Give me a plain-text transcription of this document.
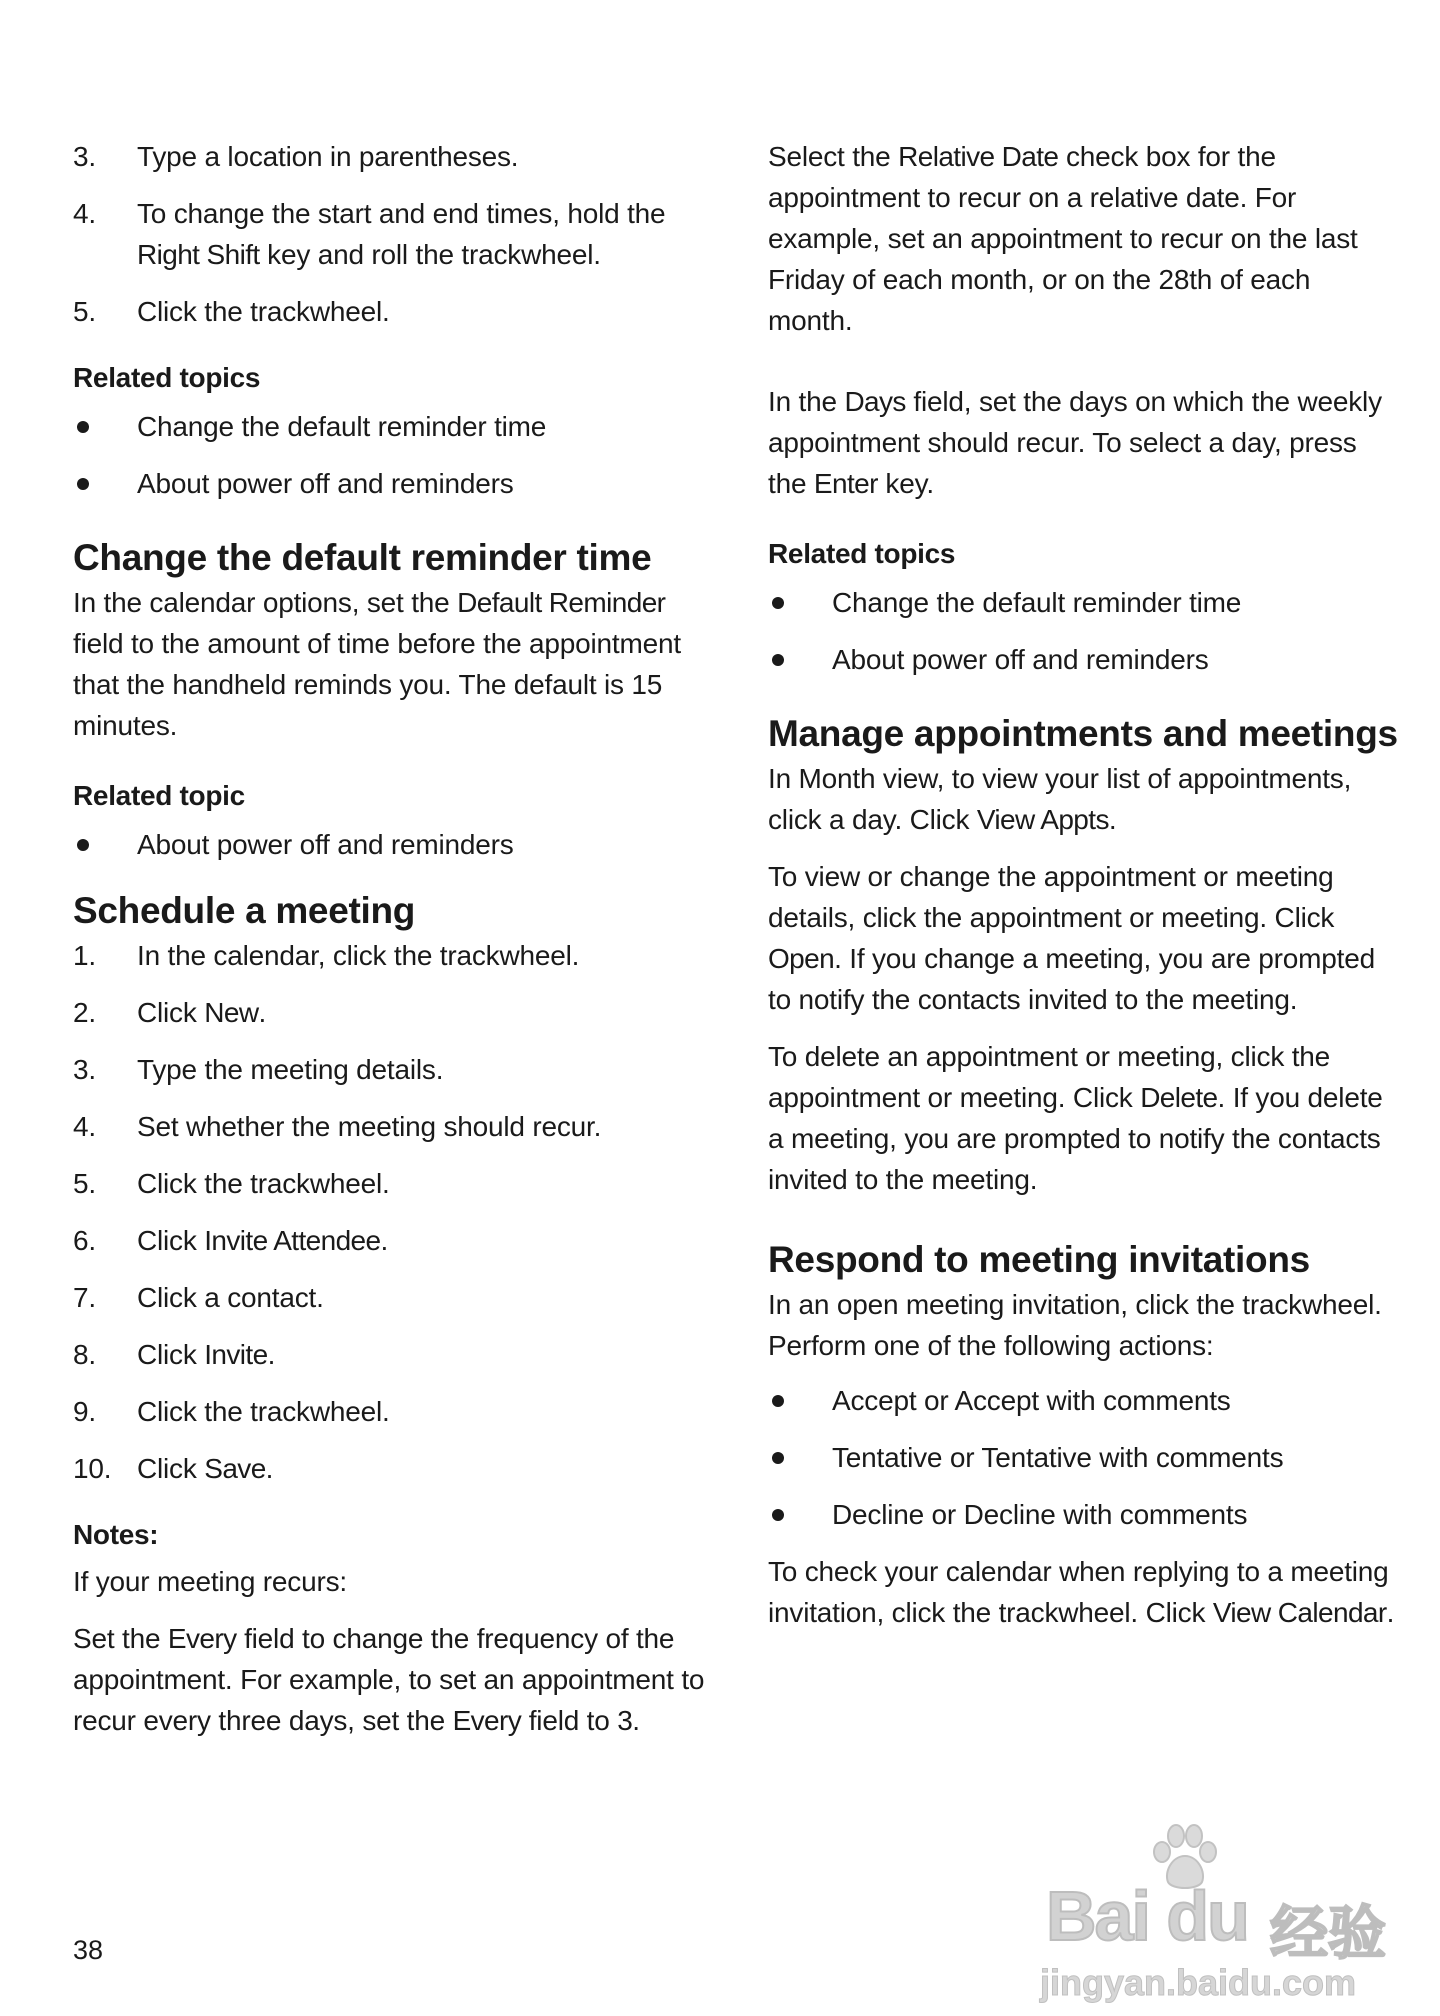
3.	Type a location in parentheses.
4.	To change the start and end times, hold the Right Shift key and roll the trackwheel.
5.	Click the trackwheel.
Related topics
Change the default reminder time
About power off and reminders
Change the default reminder time

In the calendar options, set the Default Reminder field to the amount of time before the appointment that the handheld reminds you. The default is 15 minutes.

Related topic
About power off and reminders
Schedule a meeting
1.	In the calendar, click the trackwheel.
2.	Click New.
3.	Type the meeting details.
4.	Set whether the meeting should recur.
5.	Click the trackwheel.
6.	Click Invite Attendee.
7.	Click a contact.
8.	Click Invite.
9.	Click the trackwheel.
10. Click Save.
Notes:

If your meeting recurs:

Set the Every field to change the frequency of the appointment. For example, to set an appointment to recur every three days, set the Every field to 3.

Select the Relative Date check box for the appointment to recur on a relative date. For example, set an appointment to recur on the last Friday of each month, or on the 28th of each month.

In the Days field, set the days on which the weekly appointment should recur. To select a day, press the Enter key.

Related topics
Change the default reminder time
About power off and reminders
Manage appointments and meetings

In Month view, to view your list of appointments, click a day. Click View Appts.

To view or change the appointment or meeting details, click the appointment or meeting. Click Open. If you change a meeting, you are prompted to notify the contacts invited to the meeting.

To delete an appointment or meeting, click the appointment or meeting. Click Delete. If you delete a meeting, you are prompted to notify the contacts invited to the meeting.

Respond to meeting invitations

In an open meeting invitation, click the trackwheel. Perform one of the following actions:

Accept or Accept with comments
Tentative or Tentative with comments
Decline or Decline with comments

To check your calendar when replying to a meeting invitation, click the trackwheel. Click View Calendar.

38	Bai du 经验
jingyan.baidu.com
